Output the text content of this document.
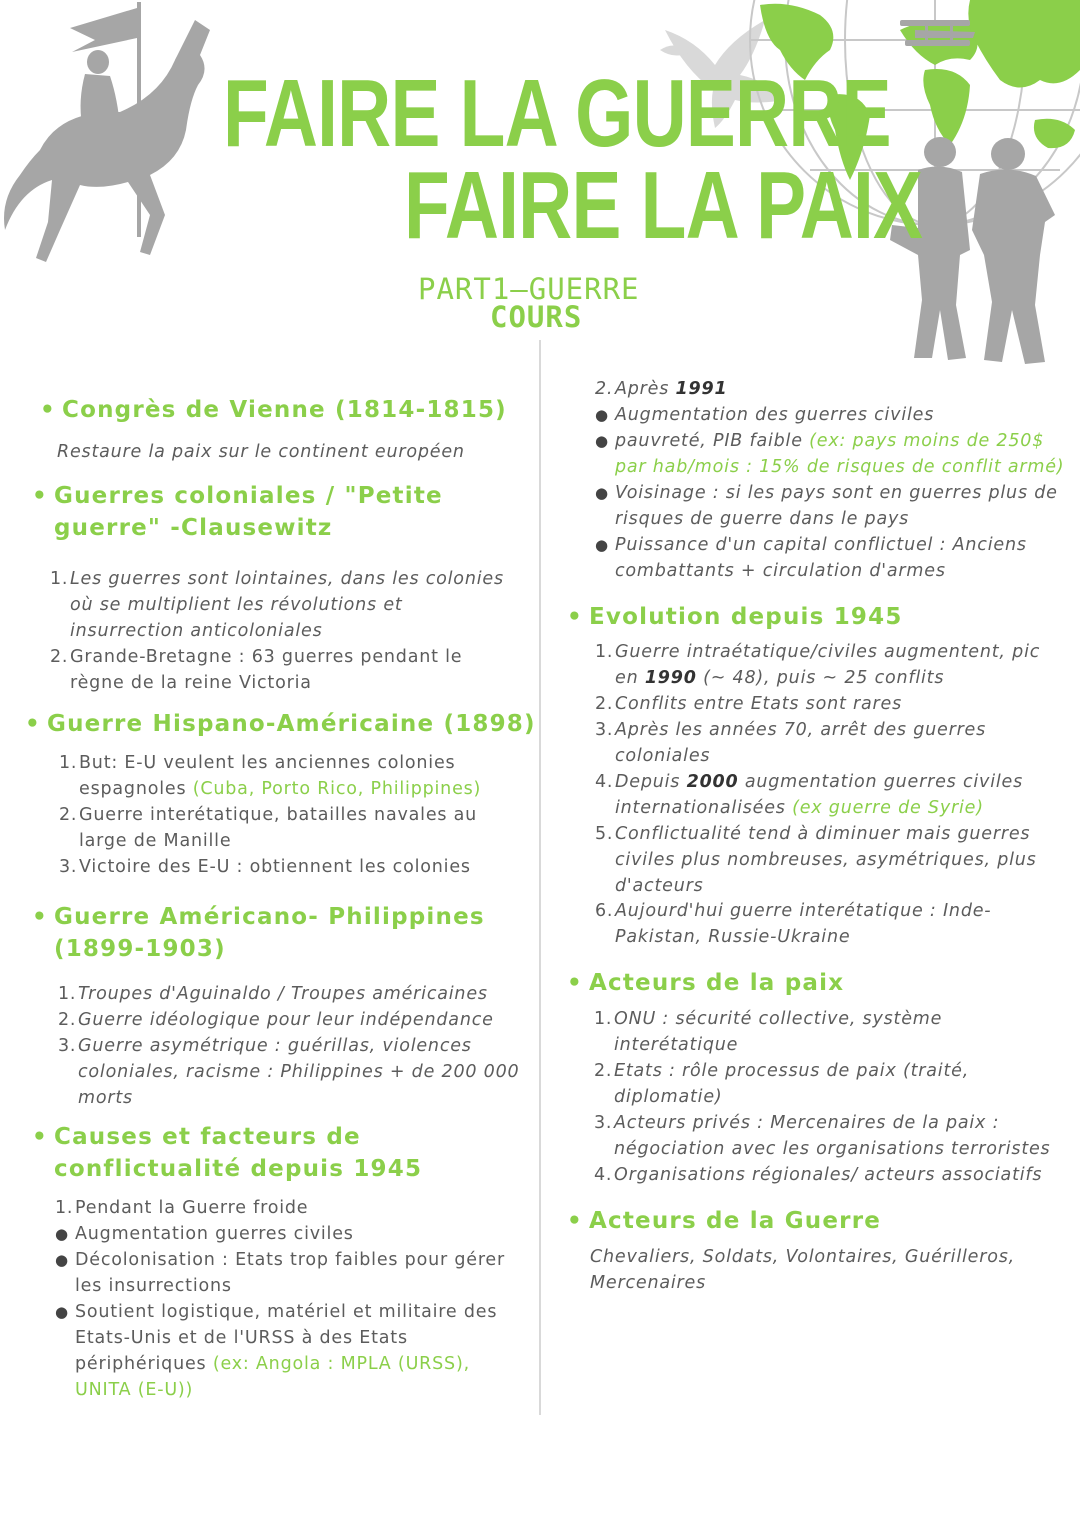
FAIRE LA GUERRE
FAIRE LA PAIX
PART1–GUERRE
COURS
• Congrès de Vienne (1814-1815)
Restaure la paix sur le continent européen
• Guerres coloniales / "Petite
guerre" -Clausewitz
1. Les guerres sont lointaines, dans les colonies
où se multiplient les révolutions et
insurrection anticoloniales
2. Grande-Bretagne : 63 guerres pendant le
règne de la reine Victoria
• Guerre Hispano-Américaine (1898)
1. But: E-U veulent les anciennes colonies
espagnoles (Cuba, Porto Rico, Philippines)
2. Guerre interétatique, batailles navales au
large de Manille
3. Victoire des E-U : obtiennent les colonies
• Guerre Américano- Philippines
(1899-1903)
1. Troupes d'Aguinaldo / Troupes américaines
2. Guerre idéologique pour leur indépendance
3. Guerre asymétrique : guérillas, violences
coloniales, racisme : Philippines + de 200 000
morts
• Causes et facteurs de
conflictualité depuis 1945
1. Pendant la Guerre froide
● Augmentation guerres civiles
● Décolonisation : Etats trop faibles pour gérer
les insurrections
● Soutient logistique, matériel et militaire des
Etats-Unis et de l'URSS à des Etats
périphériques (ex: Angola : MPLA (URSS),
UNITA (E-U))
2. Après 1991
● Augmentation des guerres civiles
● pauvreté, PIB faible (ex: pays moins de 250$
par hab/mois : 15% de risques de conflit armé)
● Voisinage : si les pays sont en guerres plus de
risques de guerre dans le pays
● Puissance d'un capital conflictuel : Anciens
combattants + circulation d'armes
• Evolution depuis 1945
1. Guerre intraétatique/civiles augmentent, pic
en 1990 (~ 48), puis ~ 25 conflits
2. Conflits entre Etats sont rares
3. Après les années 70, arrêt des guerres
coloniales
4. Depuis 2000 augmentation guerres civiles
internationalisées (ex guerre de Syrie)
5. Conflictualité tend à diminuer mais guerres
civiles plus nombreuses, asymétriques, plus
d'acteurs
6. Aujourd'hui guerre interétatique : Inde-
Pakistan, Russie-Ukraine
• Acteurs de la paix
1. ONU : sécurité collective, système
interétatique
2. Etats : rôle processus de paix (traité,
diplomatie)
3. Acteurs privés : Mercenaires de la paix :
négociation avec les organisations terroristes
4. Organisations régionales/ acteurs associatifs
• Acteurs de la Guerre
Chevaliers, Soldats, Volontaires, Guérilleros,
Mercenaires
